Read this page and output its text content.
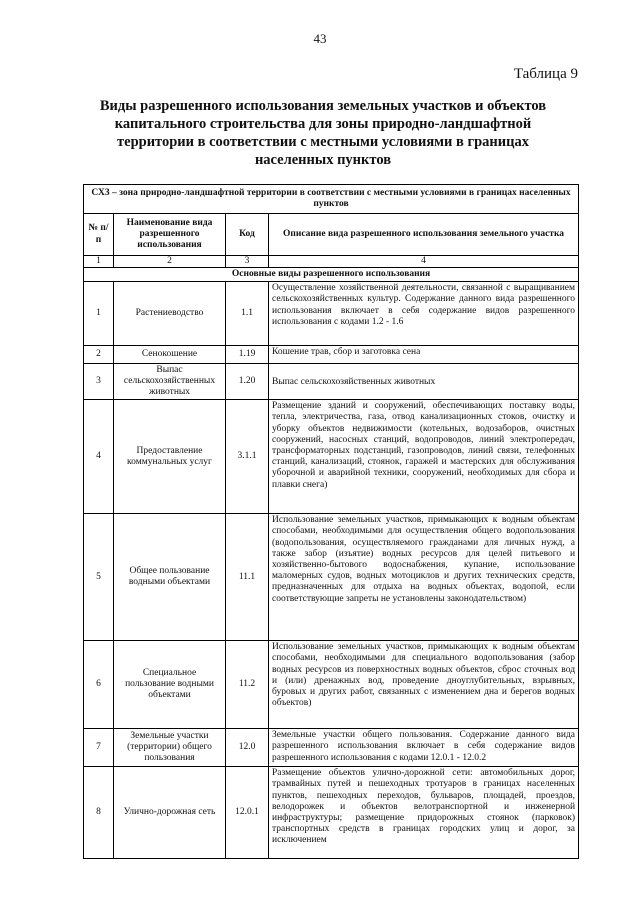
43
Таблица 9
Виды разрешенного использования земельных участков и объектов капитального строительства для зоны природно-ландшафтной территории в соответствии с местными условиями в границах населенных пунктов
СХ3 – зона природно-ландшафтной территории в соответствии с местными условиями в границах населенных пунктов			
№ п/п	Наименование вида разрешенного использования	Код	Описание вида разрешенного использования земельного участка
1	2	3	4
Основные виды разрешенного использования			
1	Растениеводство	1.1	Осуществление хозяйственной деятельности, связанной с выращиванием сельскохозяйственных культур. Содержание данного вида разрешенного использования включает в себя содержание видов разрешенного использования с кодами 1.2 - 1.6
2	Сенокошение	1.19	Кошение трав, сбор и заготовка сена
3	Выпас сельскохозяйственных животных	1.20	Выпас сельскохозяйственных животных
4	Предоставление коммунальных услуг	3.1.1	Размещение зданий и сооружений, обеспечивающих поставку воды, тепла, электричества, газа, отвод канализационных стоков, очистку и уборку объектов недвижимости (котельных, водозаборов, очистных сооружений, насосных станций, водопроводов, линий электропередач, трансформаторных подстанций, газопроводов, линий связи, телефонных станций, канализаций, стоянок, гаражей и мастерских для обслуживания уборочной и аварийной техники, сооружений, необходимых для сбора и плавки снега)
5	Общее пользование водными объектами	11.1	Использование земельных участков, примыкающих к водным объектам способами, необходимыми для осуществления общего водопользования (водопользования, осуществляемого гражданами для личных нужд, а также забор (изъятие) водных ресурсов для целей питьевого и хозяйственно-бытового водоснабжения, купание, использование маломерных судов, водных мотоциклов и других технических средств, предназначенных для отдыха на водных объектах, водопой, если соответствующие запреты не установлены законодательством)
6	Специальное пользование водными объектами	11.2	Использование земельных участков, примыкающих к водным объектам способами, необходимыми для специального водопользования (забор водных ресурсов из поверхностных водных объектов, сброс сточных вод и (или) дренажных вод, проведение дноуглубительных, взрывных, буровых и других работ, связанных с изменением дна и берегов водных объектов)
7	Земельные участки (территории) общего пользования	12.0	Земельные участки общего пользования. Содержание данного вида разрешенного использования включает в себя содержание видов разрешенного использования с кодами 12.0.1 - 12.0.2
8	Улично-дорожная сеть	12.0.1	Размещение объектов улично-дорожной сети: автомобильных дорог, трамвайных путей и пешеходных тротуаров в границах населенных пунктов, пешеходных переходов, бульваров, площадей, проездов, велодорожек и объектов велотранспортной и инженерной инфраструктуры; размещение придорожных стоянок (парковок) транспортных средств в границах городских улиц и дорог, за исключением
